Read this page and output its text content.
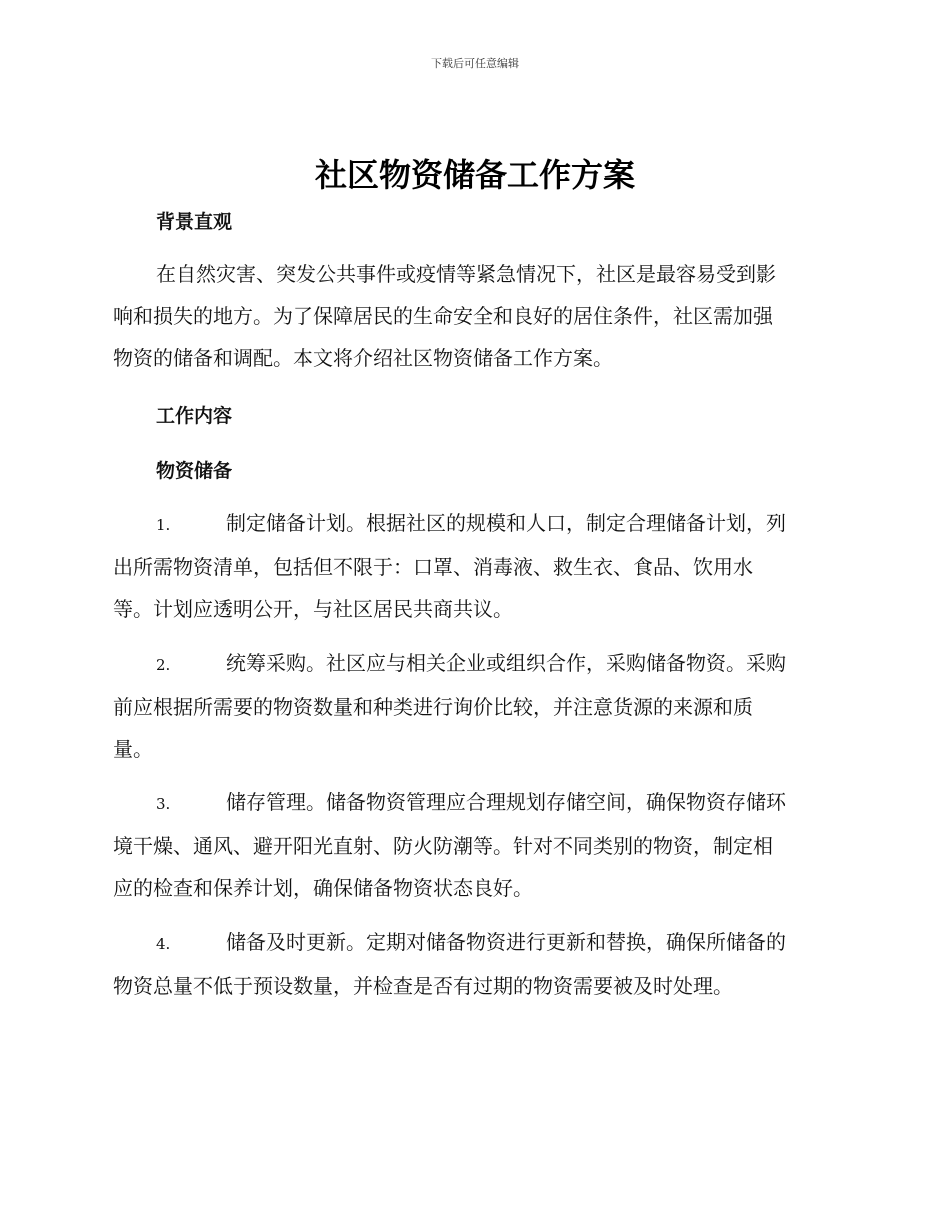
下载后可任意编辑
社区物资储备工作方案
背景直观
在自然灾害、突发公共事件或疫情等紧急情况下，社区是最容易受到影
响和损失的地方。为了保障居民的生命安全和良好的居住条件，社区需加强
物资的储备和调配。本文将介绍社区物资储备工作方案。
工作内容
物资储备
1.	制定储备计划。根据社区的规模和人口，制定合理储备计划，列
出所需物资清单，包括但不限于：口罩、消毒液、救生衣、食品、饮用水
等。计划应透明公开，与社区居民共商共议。
2.	统筹采购。社区应与相关企业或组织合作，采购储备物资。采购
前应根据所需要的物资数量和种类进行询价比较，并注意货源的来源和质
量。
3.	储存管理。储备物资管理应合理规划存储空间，确保物资存储环
境干燥、通风、避开阳光直射、防火防潮等。针对不同类别的物资，制定相
应的检查和保养计划，确保储备物资状态良好。
4.	储备及时更新。定期对储备物资进行更新和替换，确保所储备的
物资总量不低于预设数量，并检查是否有过期的物资需要被及时处理。
